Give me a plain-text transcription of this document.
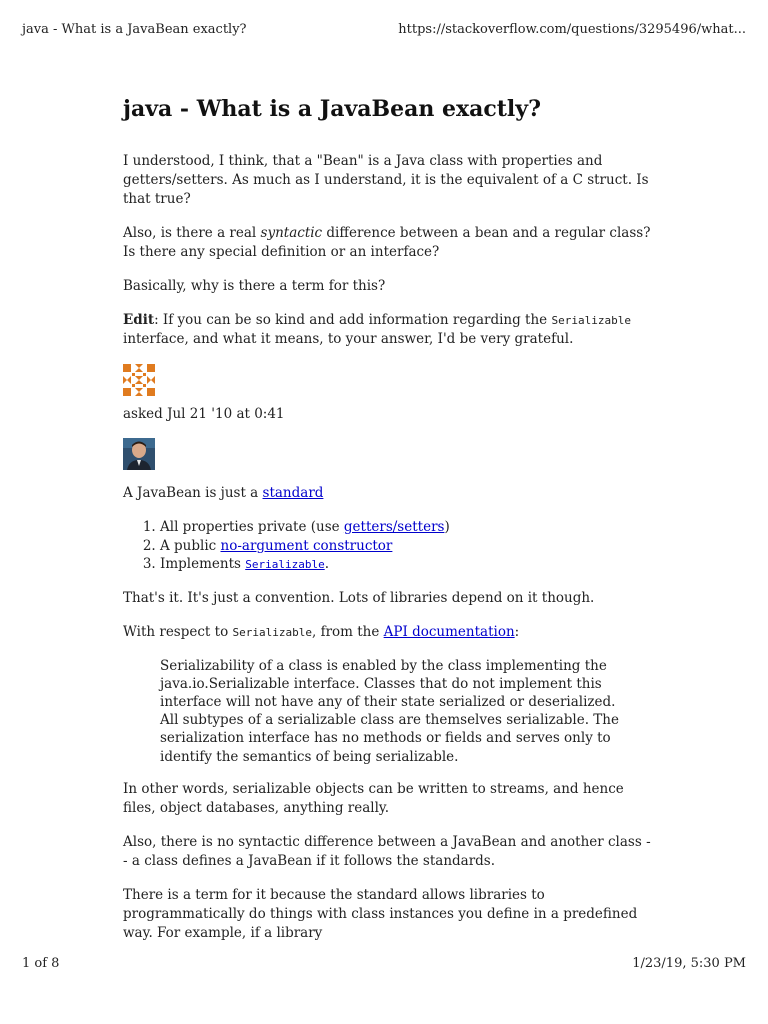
java - What is a JavaBean exactly?	https://stackoverflow.com/questions/3295496/what...
java - What is a JavaBean exactly?

I understood, I think, that a "Bean" is a Java class with properties and getters/setters. As much as I understand, it is the equivalent of a C struct. Is that true?

Also, is there a real syntactic difference between a bean and a regular class? Is there any special definition or an interface?

Basically, why is there a term for this?

Edit: If you can be so kind and add information regarding the Serializable interface, and what it means, to your answer, I'd be very grateful.

asked Jul 21 '10 at 0:41

A JavaBean is just a standard

1. All properties private (use getters/setters)
2. A public no-argument constructor
3. Implements Serializable.

That's it. It's just a convention. Lots of libraries depend on it though.

With respect to Serializable, from the API documentation:

Serializability of a class is enabled by the class implementing the java.io.Serializable interface. Classes that do not implement this interface will not have any of their state serialized or deserialized. All subtypes of a serializable class are themselves serializable. The serialization interface has no methods or fields and serves only to identify the semantics of being serializable.

In other words, serializable objects can be written to streams, and hence files, object databases, anything really.

Also, there is no syntactic difference between a JavaBean and another class -- a class defines a JavaBean if it follows the standards.

There is a term for it because the standard allows libraries to programmatically do things with class instances you define in a predefined way. For example, if a library

1 of 8	1/23/19, 5:30 PM
